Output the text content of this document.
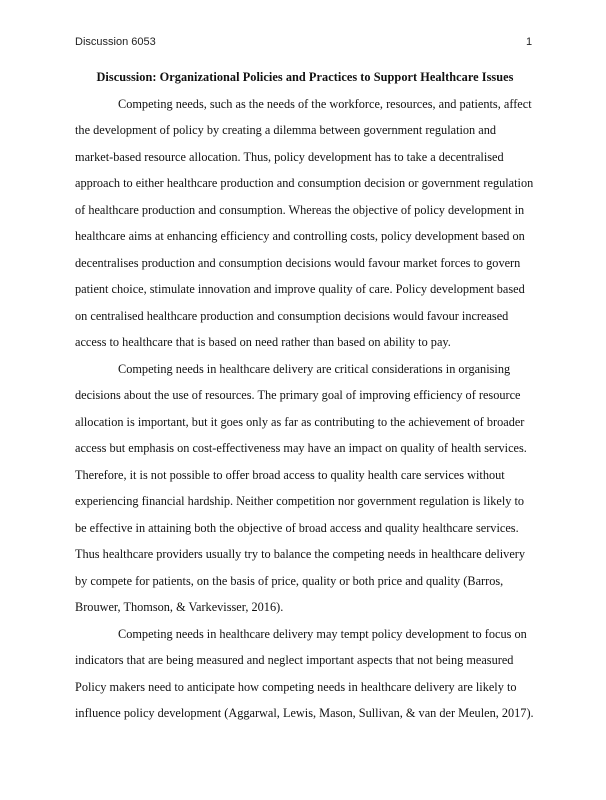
Discussion 6053	1

Discussion: Organizational Policies and Practices to Support Healthcare Issues

Competing needs, such as the needs of the workforce, resources, and patients, affect the development of policy by creating a dilemma between government regulation and market-based resource allocation. Thus, policy development has to take a decentralised approach to either healthcare production and consumption decision or government regulation of healthcare production and consumption. Whereas the objective of policy development in healthcare aims at enhancing efficiency and controlling costs, policy development based on decentralises production and consumption decisions would favour market forces to govern patient choice, stimulate innovation and improve quality of care. Policy development based on centralised healthcare production and consumption decisions would favour increased access to healthcare that is based on need rather than based on ability to pay.

Competing needs in healthcare delivery are critical considerations in organising decisions about the use of resources. The primary goal of improving efficiency of resource allocation is important, but it goes only as far as contributing to the achievement of broader access but emphasis on cost-effectiveness may have an impact on quality of health services. Therefore, it is not possible to offer broad access to quality health care services without experiencing financial hardship. Neither competition nor government regulation is likely to be effective in attaining both the objective of broad access and quality healthcare services. Thus healthcare providers usually try to balance the competing needs in healthcare delivery by compete for patients, on the basis of price, quality or both price and quality (Barros, Brouwer, Thomson, & Varkevisser, 2016).

Competing needs in healthcare delivery may tempt policy development to focus on indicators that are being measured and neglect important aspects that not being measured Policy makers need to anticipate how competing needs in healthcare delivery are likely to influence policy development (Aggarwal, Lewis, Mason, Sullivan, & van der Meulen, 2017).
